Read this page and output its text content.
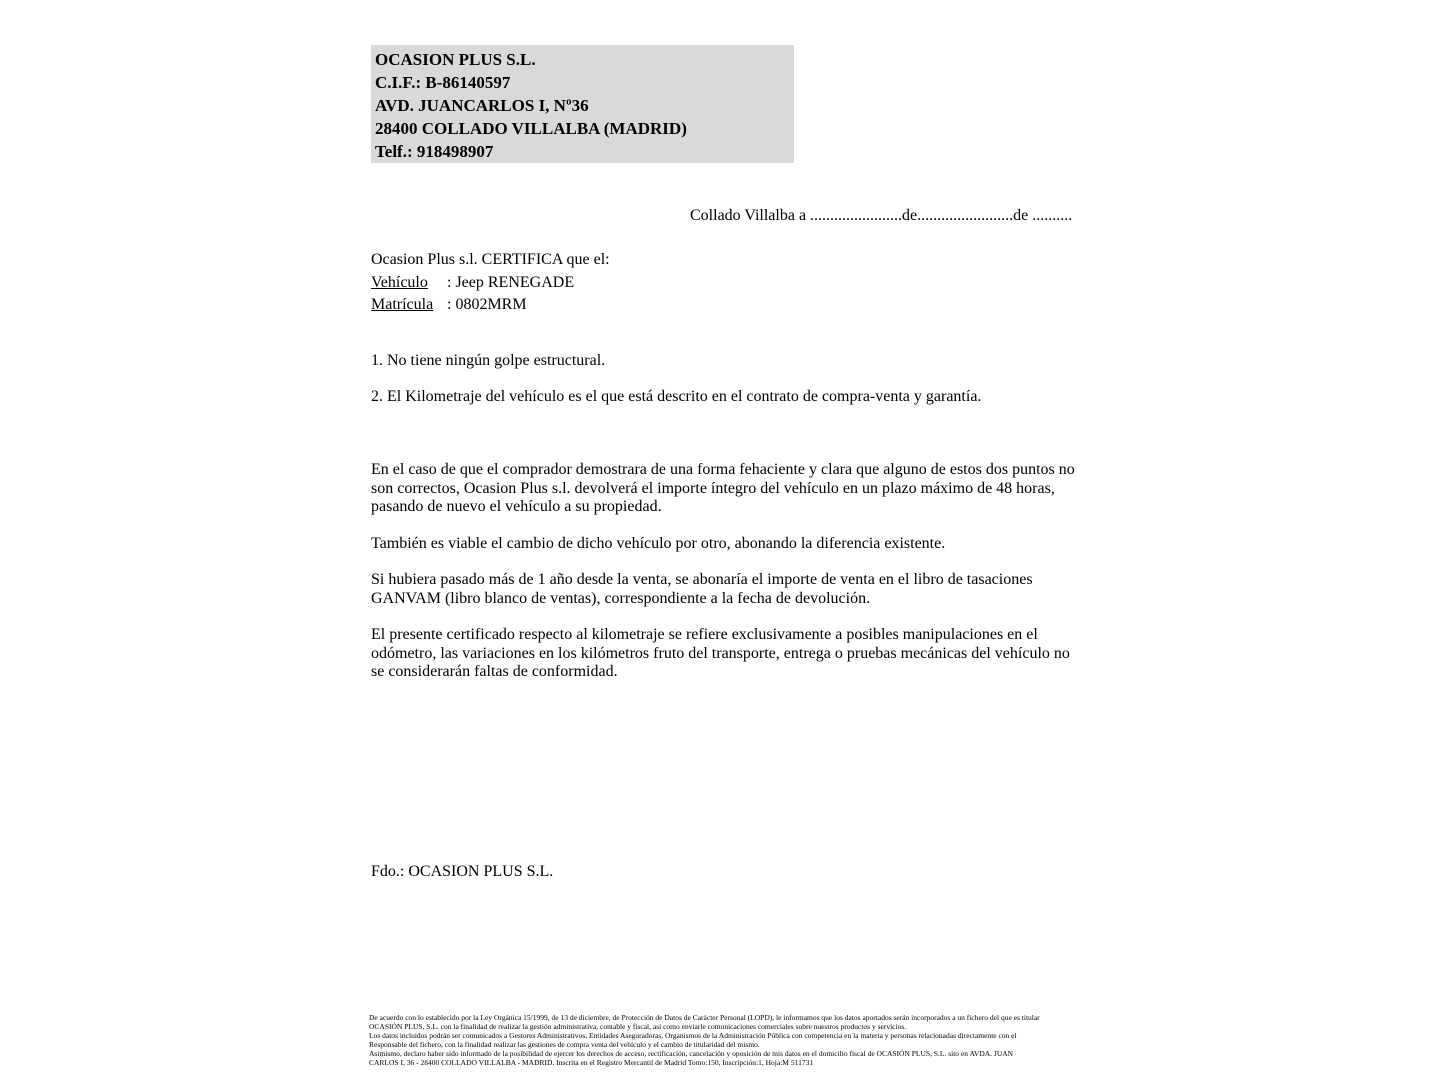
OCASION PLUS S.L.
C.I.F.: B-86140597
AVD. JUANCARLOS I, Nº36
28400 COLLADO VILLALBA (MADRID)
Telf.: 918498907
Collado Villalba a .......................de........................de ..........
Ocasion Plus s.l. CERTIFICA que el:
Vehículo : Jeep RENEGADE
Matrícula : 0802MRM

1. No tiene ningún golpe estructural.

2. El Kilometraje del vehículo es el que está descrito en el contrato de compra-venta y garantía.

En el caso de que el comprador demostrara de una forma fehaciente y clara que alguno de estos dos puntos no son correctos, Ocasion Plus s.l. devolverá el importe íntegro del vehículo en un plazo máximo de 48 horas, pasando de nuevo el vehículo a su propiedad.

También es viable el cambio de dicho vehículo por otro, abonando la diferencia existente.

Si hubiera pasado más de 1 año desde la venta, se abonaría el importe de venta en el libro de tasaciones GANVAM (libro blanco de ventas), correspondiente a la fecha de devolución.

El presente certificado respecto al kilometraje se refiere exclusivamente a posibles manipulaciones en el odómetro, las variaciones en los kilómetros fruto del transporte, entrega o pruebas mecánicas del vehículo no se considerarán faltas de conformidad.

Fdo.: OCASION PLUS S.L.
De acuerdo con lo establecido por la Ley Orgánica 15/1999, de 13 de diciembre, de Protección de Datos de Carácter Personal (LOPD), le informamos que los datos aportados serán incorporados a un fichero del que es titular
OCASIÓN PLUS, S.L. con la finalidad de realizar la gestión administrativa, contable y fiscal, así como enviarle comunicaciones comerciales sobre nuestros productos y servicios.
Los datos incluidos podrán ser comunicados a Gestores Administrativos, Entidades Aseguradoras, Organismos de la Administración Pública con competencia en la materia y personas relacionadas directamente con el
Responsable del fichero, con la finalidad realizar las gestiones de compra venta del vehículo y el cambio de titularidad del mismo.
Asimismo, declaro haber sido informado de la posibilidad de ejercer los derechos de acceso, rectificación, cancelación y oposición de mis datos en el domicilio fiscal de OCASIÓN PLUS, S.L. sito en AVDA. JUAN
CARLOS I, 36 - 28400 COLLADO VILLALBA - MADRID. Inscrita en el Registro Mercantil de Madrid Tomo:150, Inscripción:1, Hoja:M 511731
